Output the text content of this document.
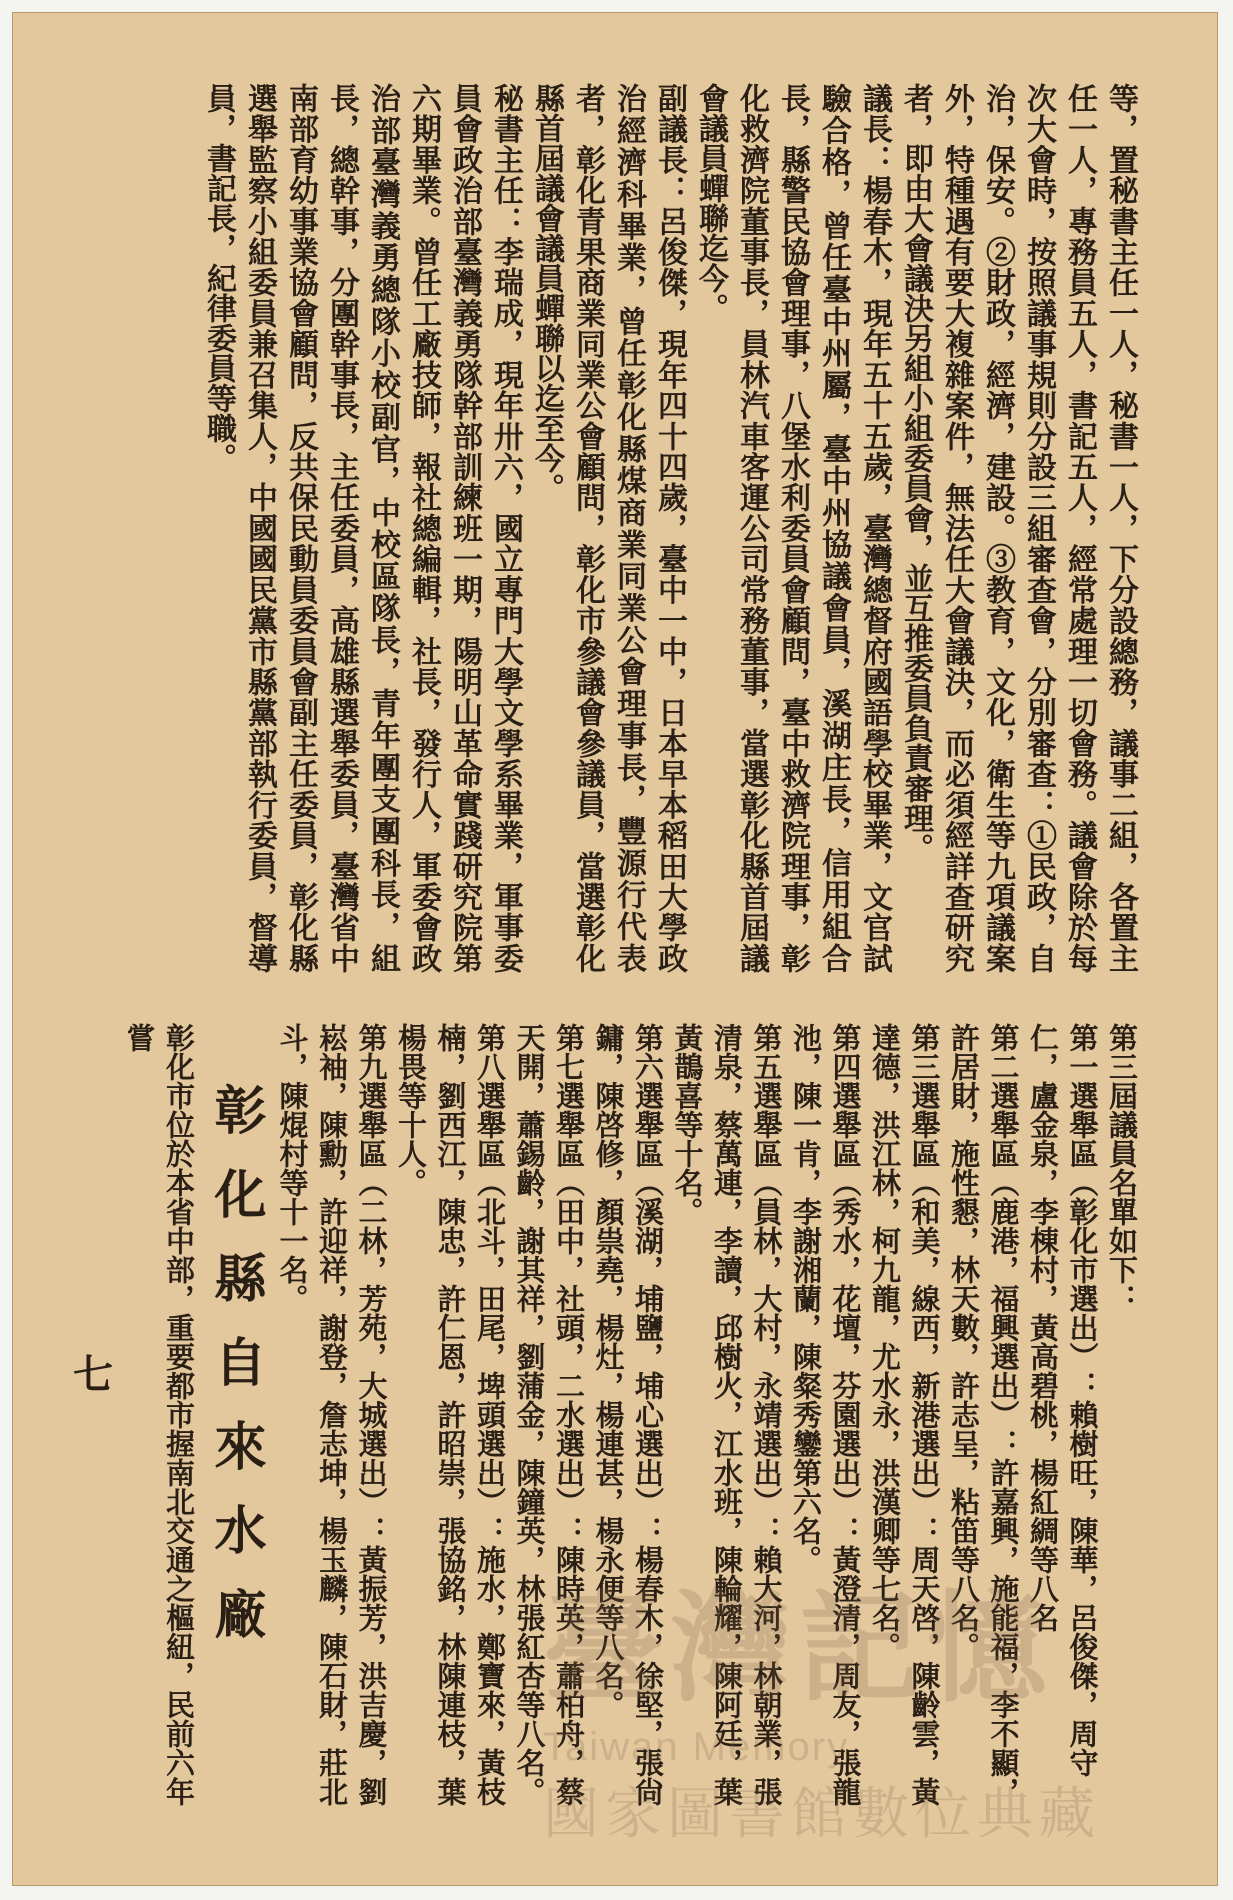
等，置秘書主任一人，秘書一人，下分設總務，議事二組，各置主任一人，專務員五人，書記五人，經常處理一切會務。議會除於每次大會時，按照議事規則分設三組審查會，分別審查：①民政，自治，保安。②財政，經濟，建設。③教育，文化，衛生等九項議案外，特種遇有要大複雜案件，無法任大會議決，而必須經詳查研究者，即由大會議決另組小組委員會，並互推委員負責審理。

議長：楊春木，現年五十五歲，臺灣總督府國語學校畢業，文官試驗合格，曾任臺中州屬，臺中州協議會員，溪湖庄長，信用組合長，縣警民協會理事，八堡水利委員會顧問，臺中救濟院理事，彰化救濟院董事長，員林汽車客運公司常務董事，當選彰化縣首屆議會議員蟬聯迄今。

副議長：呂俊傑，現年四十四歲，臺中一中，日本早本稻田大學政治經濟科畢業，曾任彰化縣煤商業同業公會理事長，豐源行代表者，彰化青果商業同業公會顧問，彰化市參議會參議員，當選彰化縣首屆議會議員蟬聯以迄至今。

秘書主任：李瑞成，現年卅六，國立專門大學文學系畢業，軍事委員會政治部臺灣義勇隊幹部訓練班一期，陽明山革命實踐研究院第六期畢業。曾任工廠技師，報社總編輯，社長，發行人，軍委會政治部臺灣義勇總隊小校副官，中校區隊長，青年團支團科長，組長，總幹事，分團幹事長，主任委員，高雄縣選舉委員，臺灣省中南部育幼事業協會顧問，反共保民動員委員會副主任委員，彰化縣選舉監察小組委員兼召集人，中國國民黨市縣黨部執行委員，督導員，書記長，紀律委員等職。

第三屆議員名單如下：

第一選舉區（彰化市選出）：賴樹旺，陳華，呂俊傑，周守仁，盧金泉，李棟村，黃高碧桃，楊紅綢等八名

第二選舉區（鹿港，福興選出）：許嘉興，施能福，李不顯，許居財，施性懇，林天數，許志呈，粘笛等八名。

第三選舉區（和美，線西，新港選出）：周天啓，陳齡雲，黃達德，洪江林，柯九龍，尤水永，洪漢卿等七名。

第四選舉區（秀水，花壇，芬園選出）：黃澄清，周友，張龍池，陳一肯，李謝湘蘭，陳粲秀鑾第六名。

第五選舉區（員林，大村，永靖選出）：賴大河，林朝業，張清泉，蔡萬連，李讀，邱樹火，江水班，陳輪耀，陳阿廷，葉黃鵲喜等十名。

第六選舉區（溪湖，埔鹽，埔心選出）：楊春木，徐堅，張尙鏞，陳啓修，顏祟堯，楊灶，楊連甚，楊永便等八名。

第七選舉區（田中，社頭，二水選出）：陳時英，蕭柏舟，蔡天開，蕭錫齡，謝其祥，劉蒲金，陳鐘英，林張紅杏等八名。

第八選舉區（北斗，田尾，埤頭選出）：施水，鄭寶來，黃枝楠，劉西江，陳忠，許仁恩，許昭崇，張協銘，林陳連枝，葉楊畏等十人。

第九選舉區（二林，芳苑，大城選出）：黃振芳，洪吉慶，劉崧袖，陳勳，許迎祥，謝登，詹志坤，楊玉麟，陳石財，莊北斗，陳焜村等十一名。

彰化縣自來水廠

彰化市位於本省中部，重要都市握南北交通之樞紐，民前六年嘗

七
臺灣記憶
Taiwan Memory
國家圖書館數位典藏
